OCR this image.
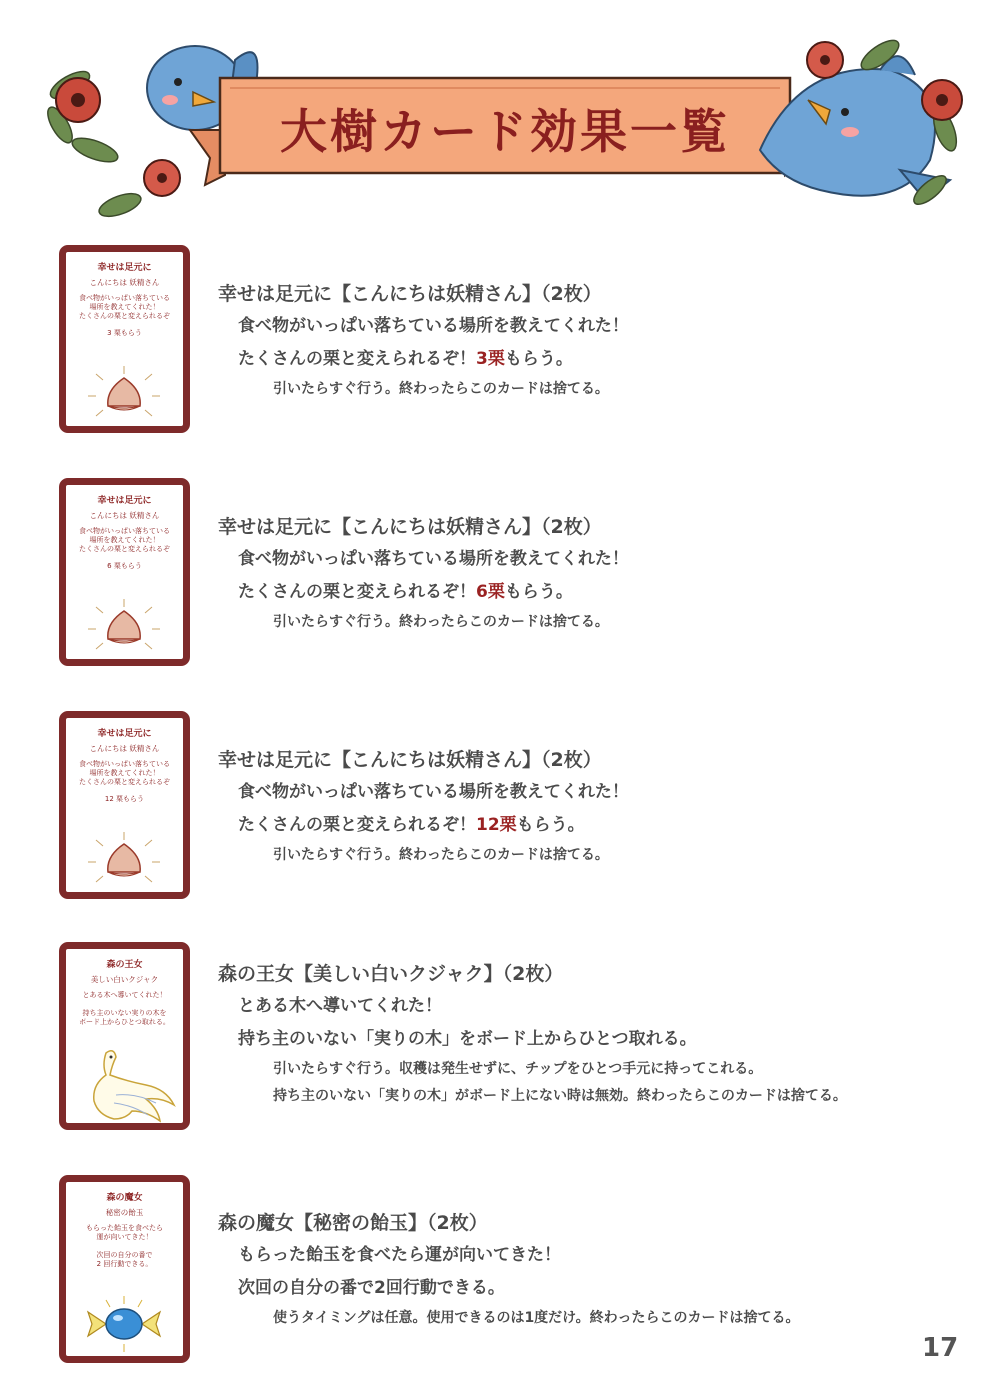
大樹カード効果一覧
幸せは足元に
こんにちは 妖精さん
食べ物がいっぱい落ちている
場所を教えてくれた！
たくさんの栗と変えられるぞ
3 栗もらう
幸せは足元に【こんにちは妖精さん】（2枚）
食べ物がいっぱい落ちている場所を教えてくれた！
たくさんの栗と変えられるぞ！3栗もらう。
引いたらすぐ行う。終わったらこのカードは捨てる。
幸せは足元に
こんにちは 妖精さん
食べ物がいっぱい落ちている
場所を教えてくれた！
たくさんの栗と変えられるぞ
6 栗もらう
幸せは足元に【こんにちは妖精さん】（2枚）
食べ物がいっぱい落ちている場所を教えてくれた！
たくさんの栗と変えられるぞ！6栗もらう。
引いたらすぐ行う。終わったらこのカードは捨てる。
幸せは足元に
こんにちは 妖精さん
食べ物がいっぱい落ちている
場所を教えてくれた！
たくさんの栗と変えられるぞ
12 栗もらう
幸せは足元に【こんにちは妖精さん】（2枚）
食べ物がいっぱい落ちている場所を教えてくれた！
たくさんの栗と変えられるぞ！12栗もらう。
引いたらすぐ行う。終わったらこのカードは捨てる。
森の王女
美しい白いクジャク
とある木へ導いてくれた！

持ち主のいない実りの木を
ボード上からひとつ取れる。
森の王女【美しい白いクジャク】（2枚）
とある木へ導いてくれた！
持ち主のいない「実りの木」をボード上からひとつ取れる。
引いたらすぐ行う。収穫は発生せずに、チップをひとつ手元に持ってこれる。
持ち主のいない「実りの木」がボード上にない時は無効。終わったらこのカードは捨てる。
森の魔女
秘密の飴玉
もらった飴玉を食べたら
運が向いてきた！

次回の自分の番で
2 回行動できる。
森の魔女【秘密の飴玉】（2枚）
もらった飴玉を食べたら運が向いてきた！
次回の自分の番で2回行動できる。
使うタイミングは任意。使用できるのは1度だけ。終わったらこのカードは捨てる。
17
